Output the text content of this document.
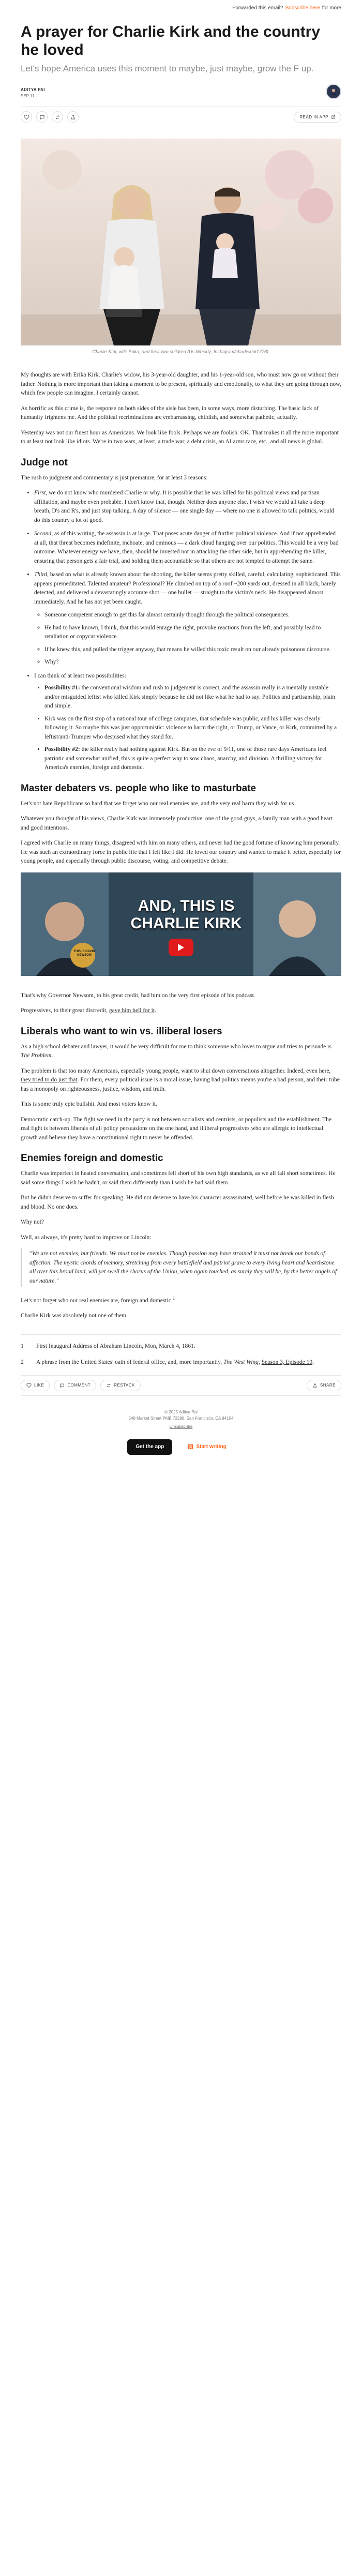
Forwarded this email? Subscribe here for more
A prayer for Charlie Kirk and the country he loved
Let's hope America uses this moment to maybe, just maybe, grow the F up.
ADITYA PAI
SEP 11
READ IN APP
Charlie Kirk, wife Erika, and their two children (Us Weekly; Instagram/charliekirk1776).

My thoughts are with Erika Kirk, Charlie's widow, his 3-year-old daughter, and his 1-year-old son, who must now go on without their father. Nothing is more important than taking a moment to be present, spiritually and emotionally, to what they are going through now, which few people can imagine. I certainly cannot.

As horrific as this crime is, the response on both sides of the aisle has been, in some ways, more disturbing. The basic lack of humanity frightens me. And the political recriminations are embarrassing, childish, and somewhat pathetic, actually.

Yesterday was not our finest hour as Americans. We look like fools. Perhaps we are foolish. OK. That makes it all the more important to at least not look like idiots. We're in two wars, at least, a trade war, a debt crisis, an AI arms race, etc., and all news is global.

Judge not

The rush to judgment and commentary is just premature, for at least 3 reasons:

• First, we do not know who murdered Charlie or why. It is possible that he was killed for his political views and partisan affiliation, and maybe even probable. I don't know that, though. Neither does anyone else. I wish we would all take a deep breath, D's and R's, and just stop talking. A day of silence — one single day — where no one is allowed to talk politics, would do this country a lot of good.
• Second, as of this writing, the assassin is at large. That poses acute danger of further political violence. And if not apprehended at all, that threat becomes indefinite, inchoate, and ominous — a dark cloud hanging over our politics. This would be a very bad outcome. Whatever energy we have, then, should be invested not in attacking the other side, but in apprehending the killer, ensuring that person gets a fair trial, and holding them accountable so that others are not tempted to attempt the same.
• Third, based on what is already known about the shooting, the killer seems pretty skilled, careful, calculating, sophisticated. This appears premeditated. Talented amateur? Professional? He climbed on top of a roof ~200 yards out, dressed in all black, barely detected, and delivered a devastatingly accurate shot — one bullet — straight to the victim's neck. He disappeared almost immediately. And he has not yet been caught.
◦ Someone competent enough to get this far almost certainly thought through the political consequences.
◦ He had to have known, I think, that this would enrage the right, provoke reactions from the left, and possibly lead to retaliation or copycat violence.
◦ If he knew this, and pulled the trigger anyway, that means he willed this toxic result on our already poisonous discourse.
◦ Why?
• I can think of at least two possibilities:
▪ Possibility #1: the conventional wisdom and rush to judgement is correct, and the assassin really is a mentally unstable and/or misguided leftist who killed Kirk simply because he did not like what he had to say. Politics and partisanship, plain and simple.
▪ Kirk was on the first stop of a national tour of college campuses, that schedule was public, and his killer was clearly following it. So maybe this was just opportunistic: violence to harm the right, or Trump, or Vance, or Kirk, committed by a leftist/anti-Trumper who despised what they stand for.
▪ Possibility #2: the killer really had nothing against Kirk. But on the eve of 9/11, one of those rare days Americans feel patriotic and somewhat unified, this is quite a perfect way to sow chaos, anarchy, and division. A thrilling victory for America's enemies, foreign and domestic.
Master debaters vs. people who like to masturbate

Let's not hate Republicans so hard that we forget who our real enemies are, and the very real harm they wish for us.

Whatever you thought of his views, Charlie Kirk was immensely productive: one of the good guys, a family man with a good heart and good intentions.

I agreed with Charlie on many things, disagreed with him on many others, and never had the good fortune of knowing him personally. He was such an extraordinary force in public life that I felt like I did. He loved our country and wanted to make it better, especially for young people, and especially through public discourse, voting, and competitive debate.

AND, THIS IS
CHARLIE KIRK
THIS IS GAVIN NEWSOM

That's why Governor Newsom, to his great credit, had him on the very first episode of his podcast.

Progressives, to their great discredit, gave him hell for it.

Liberals who want to win vs. illiberal losers

As a high school debater and lawyer, it would be very difficult for me to think someone who loves to argue and tries to persuade is The Problem.

The problem is that too many Americans, especially young people, want to shut down conversations altogether. Indeed, even here, they tried to do just that. For them, every political issue is a moral issue, having bad politics means you're a bad person, and their tribe has a monopoly on righteousness, justice, wisdom, and truth.

This is some truly epic bullshit. And most voters know it.

Democratic catch-up. The fight we need in the party is not between socialists and centrists, or populists and the establishment. The real fight is between liberals of all policy persuasions on the one hand, and illiberal progressives who are allergic to intellectual growth and believe they have a constitutional right to never be offended.

Enemies foreign and domestic

Charlie was imperfect in heated conversation, and sometimes fell short of his own high standards, as we all fall short sometimes. He said some things I wish he hadn't, or said them differently than I wish he had said them.

But he didn't deserve to suffer for speaking. He did not deserve to have his character assassinated, well before he was killed in flesh and blood. No one does.

Why not?

Well, as always, it's pretty hard to improve on Lincoln:

"We are not enemies, but friends. We must not be enemies. Though passion may have strained it must not break our bonds of affection. The mystic chords of memory, stretching from every battlefield and patriot grave to every living heart and hearthstone all over this broad land, will yet swell the chorus of the Union, when again touched, as surely they will be, by the better angels of our nature."

Let's not forget who our real enemies are, foreign and domestic.$^2$

Charlie Kirk was absolutely not one of them.

1	First Inaugural Address of Abraham Lincoln, Mon, March 4, 1861.
2	A phrase from the United States' oath of federal office, and, more importantly, The West Wing, Season 3, Episode 19.
LIKE	COMMENT	RESTACK	SHARE
© 2025 Aditya Pai
548 Market Street PMB 72296, San Francisco, CA 94104
Unsubscribe
Get the app	Start writing
